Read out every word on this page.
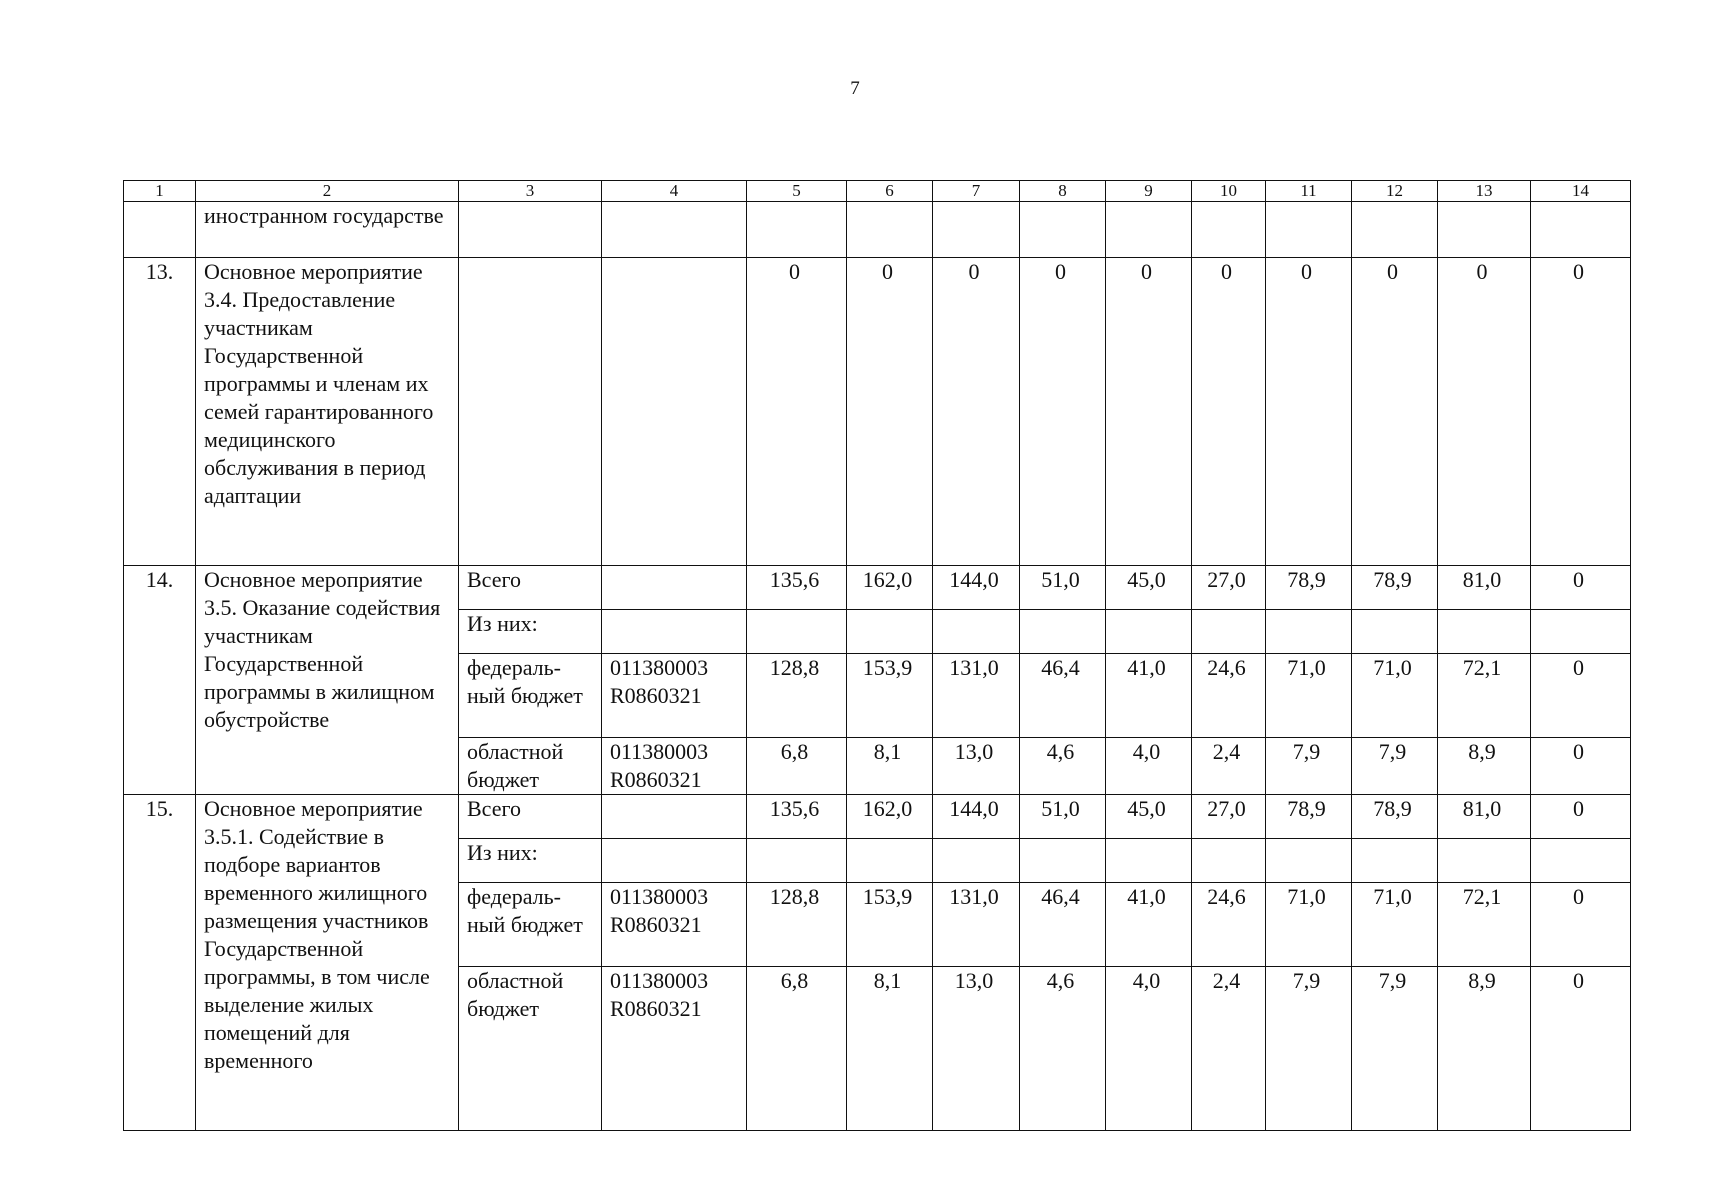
7
1	2	3	4	5	6	7	8	9	10	11	12	13	14
	иностранном государстве												
13.	Основное мероприятие 3.4. Предоставление участникам Государственной программы и членам их семей гарантированного медицинского обслуживания в период адаптации			0	0	0	0	0	0	0	0	0	0
14.	Основное мероприятие 3.5. Оказание содействия участникам Государственной программы в жилищном обустройстве	Всего		135,6	162,0	144,0	51,0	45,0	27,0	78,9	78,9	81,0	0
		Из них:											
		федераль-ный бюджет	011380003 R0860321	128,8	153,9	131,0	46,4	41,0	24,6	71,0	71,0	72,1	0
		областной бюджет	011380003 R0860321	6,8	8,1	13,0	4,6	4,0	2,4	7,9	7,9	8,9	0
15.	Основное мероприятие 3.5.1. Содействие в подборе вариантов временного жилищного размещения участников Государственной программы, в том числе выделение жилых помещений для временного	Всего		135,6	162,0	144,0	51,0	45,0	27,0	78,9	78,9	81,0	0
		Из них:											
		федераль-ный бюджет	011380003 R0860321	128,8	153,9	131,0	46,4	41,0	24,6	71,0	71,0	72,1	0
		областной бюджет	011380003 R0860321	6,8	8,1	13,0	4,6	4,0	2,4	7,9	7,9	8,9	0
